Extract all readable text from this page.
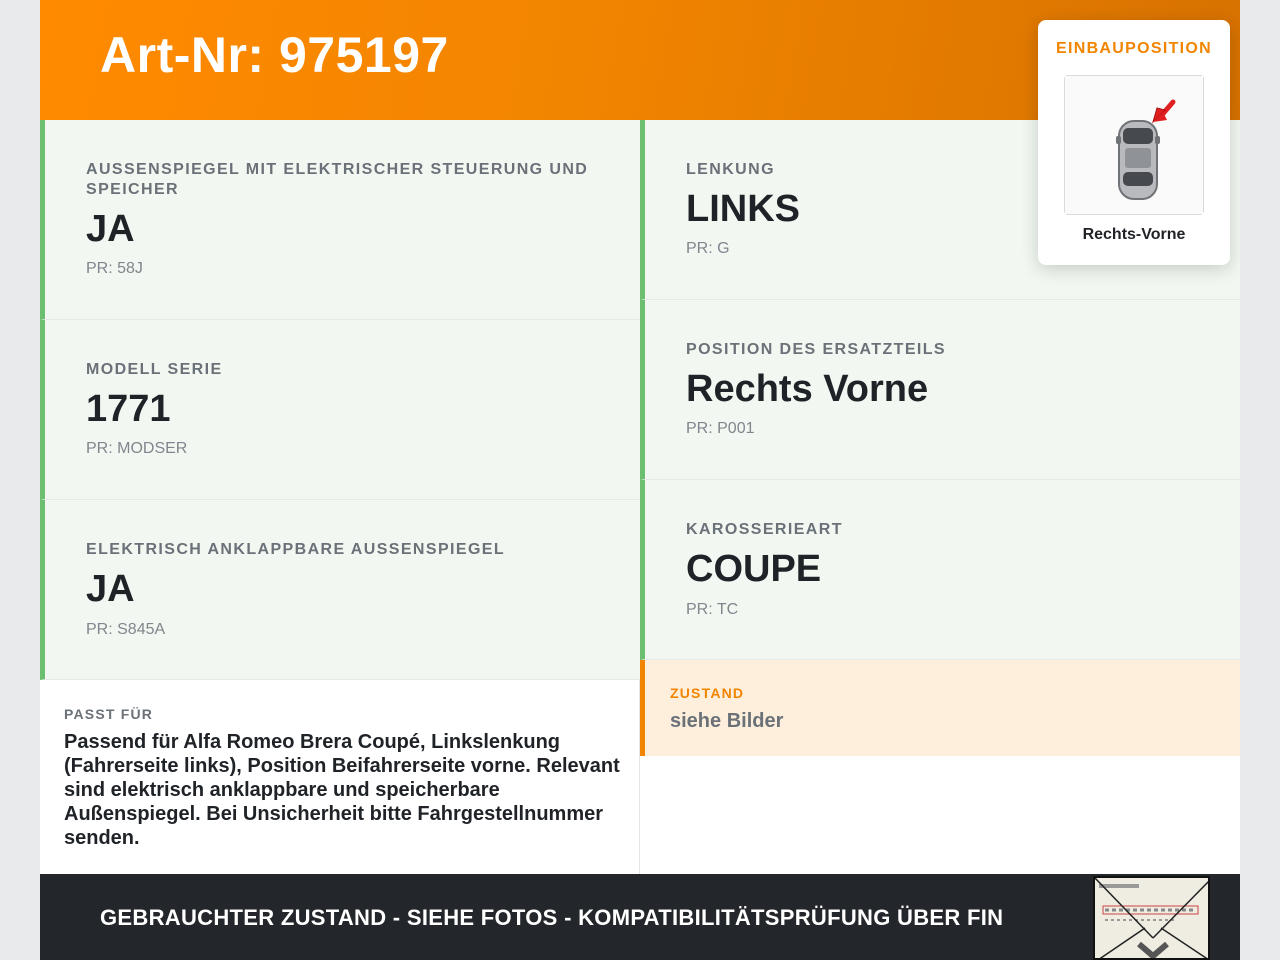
Art-Nr: 975197
AUSSENSPIEGEL MIT ELEKTRISCHER STEUERUNG UND SPEICHER
JA
PR: 58J
MODELL SERIE
1771
PR: MODSER
ELEKTRISCH ANKLAPPBARE AUSSENSPIEGEL
JA
PR: S845A
LENKUNG
LINKS
PR: G
POSITION DES ERSATZTEILS
Rechts Vorne
PR: P001
KAROSSERIEART
COUPE
PR: TC
ZUSTAND
siehe Bilder
PASST FÜR
Passend für Alfa Romeo Brera Coupé, Linkslenkung (Fahrerseite links), Position Beifahrerseite vorne. Relevant sind elektrisch anklappbare und speicherbare Außenspiegel. Bei Unsicherheit bitte Fahrgestellnummer senden.
GEBRAUCHTER ZUSTAND - SIEHE FOTOS - KOMPATIBILITÄTSPRÜFUNG ÜBER FIN
EINBAUPOSITION
Rechts-Vorne
